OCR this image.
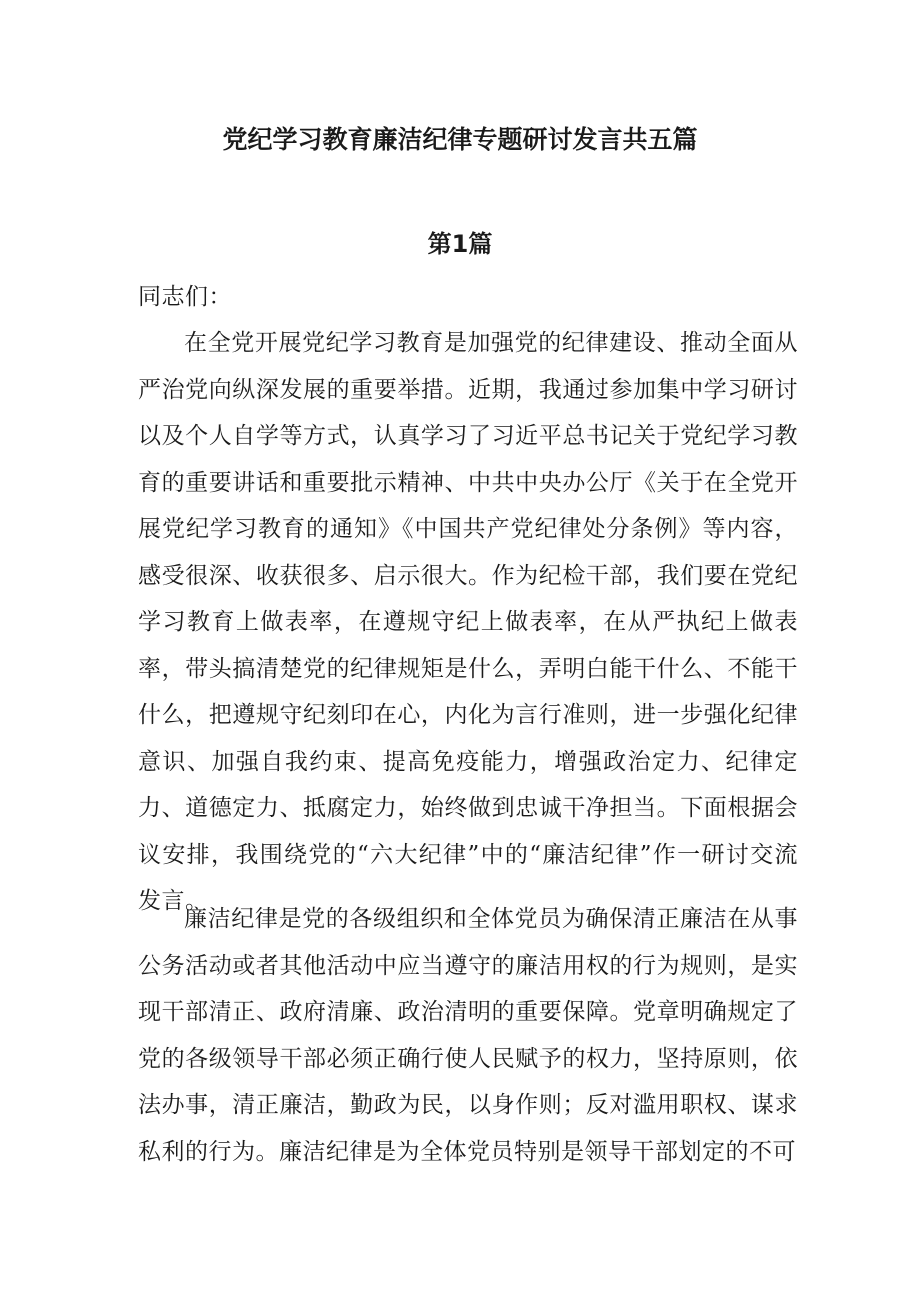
党纪学习教育廉洁纪律专题研讨发言共五篇
第1篇

同志们：

在全党开展党纪学习教育是加强党的纪律建设、推动全面从严治党向纵深发展的重要举措。近期，我通过参加集中学习研讨以及个人自学等方式，认真学习了习近平总书记关于党纪学习教育的重要讲话和重要批示精神、中共中央办公厅《关于在全党开展党纪学习教育的通知》《中国共产党纪律处分条例》等内容，感受很深、收获很多、启示很大。作为纪检干部，我们要在党纪学习教育上做表率，在遵规守纪上做表率，在从严执纪上做表率，带头搞清楚党的纪律规矩是什么，弄明白能干什么、不能干什么，把遵规守纪刻印在心，内化为言行准则，进一步强化纪律意识、加强自我约束、提高免疫能力，增强政治定力、纪律定力、道德定力、抵腐定力，始终做到忠诚干净担当。下面根据会议安排，我围绕党的“六大纪律”中的“廉洁纪律”作一研讨交流发言。

廉洁纪律是党的各级组织和全体党员为确保清正廉洁在从事公务活动或者其他活动中应当遵守的廉洁用权的行为规则，是实现干部清正、政府清廉、政治清明的重要保障。党章明确规定了党的各级领导干部必须正确行使人民赋予的权力，坚持原则，依法办事，清正廉洁，勤政为民，以身作则；反对滥用职权、谋求私利的行为。廉洁纪律是为全体党员特别是领导干部划定的不可
